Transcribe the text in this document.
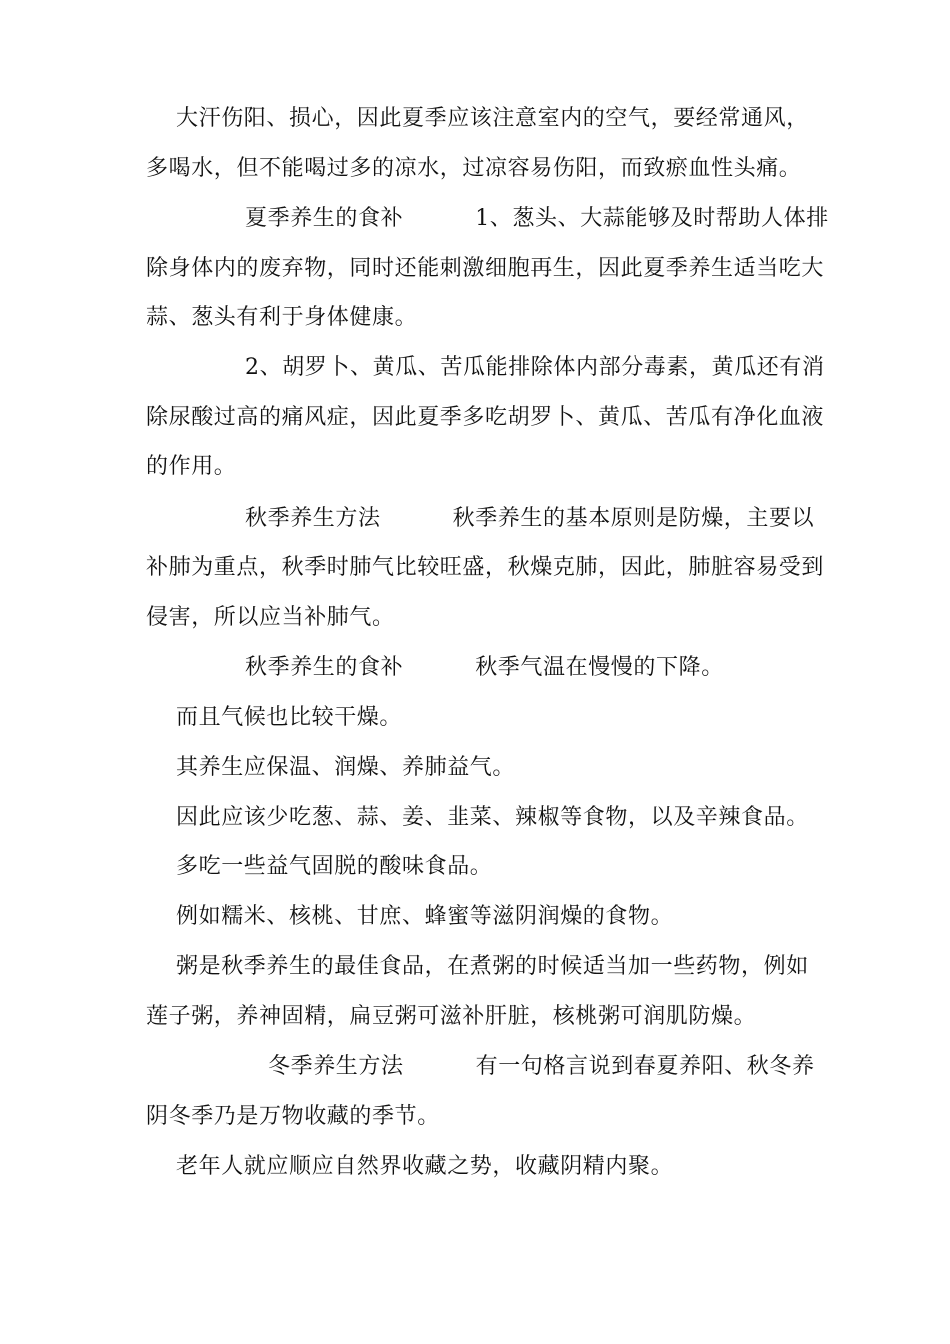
大汗伤阳、损心，因此夏季应该注意室内的空气，要经常通风，
多喝水，但不能喝过多的凉水，过凉容易伤阳，而致瘀血性头痛。
夏季养生的食补	1、葱头、大蒜能够及时帮助人体排
除身体内的废弃物，同时还能刺激细胞再生，因此夏季养生适当吃大
蒜、葱头有利于身体健康。
2、胡罗卜、黄瓜、苦瓜能排除体内部分毒素，黄瓜还有消
除尿酸过高的痛风症，因此夏季多吃胡罗卜、黄瓜、苦瓜有净化血液
的作用。
秋季养生方法	秋季养生的基本原则是防燥，主要以
补肺为重点，秋季时肺气比较旺盛，秋燥克肺，因此，肺脏容易受到
侵害，所以应当补肺气。
秋季养生的食补	秋季气温在慢慢的下降。
而且气候也比较干燥。
其养生应保温、润燥、养肺益气。
因此应该少吃葱、蒜、姜、韭菜、辣椒等食物，以及辛辣食品。
多吃一些益气固脱的酸味食品。
例如糯米、核桃、甘庶、蜂蜜等滋阴润燥的食物。
粥是秋季养生的最佳食品，在煮粥的时候适当加一些药物，例如
莲子粥，养神固精，扁豆粥可滋补肝脏，核桃粥可润肌防燥。
冬季养生方法	有一句格言说到春夏养阳、秋冬养
阴冬季乃是万物收藏的季节。
老年人就应顺应自然界收藏之势，收藏阴精内聚。
